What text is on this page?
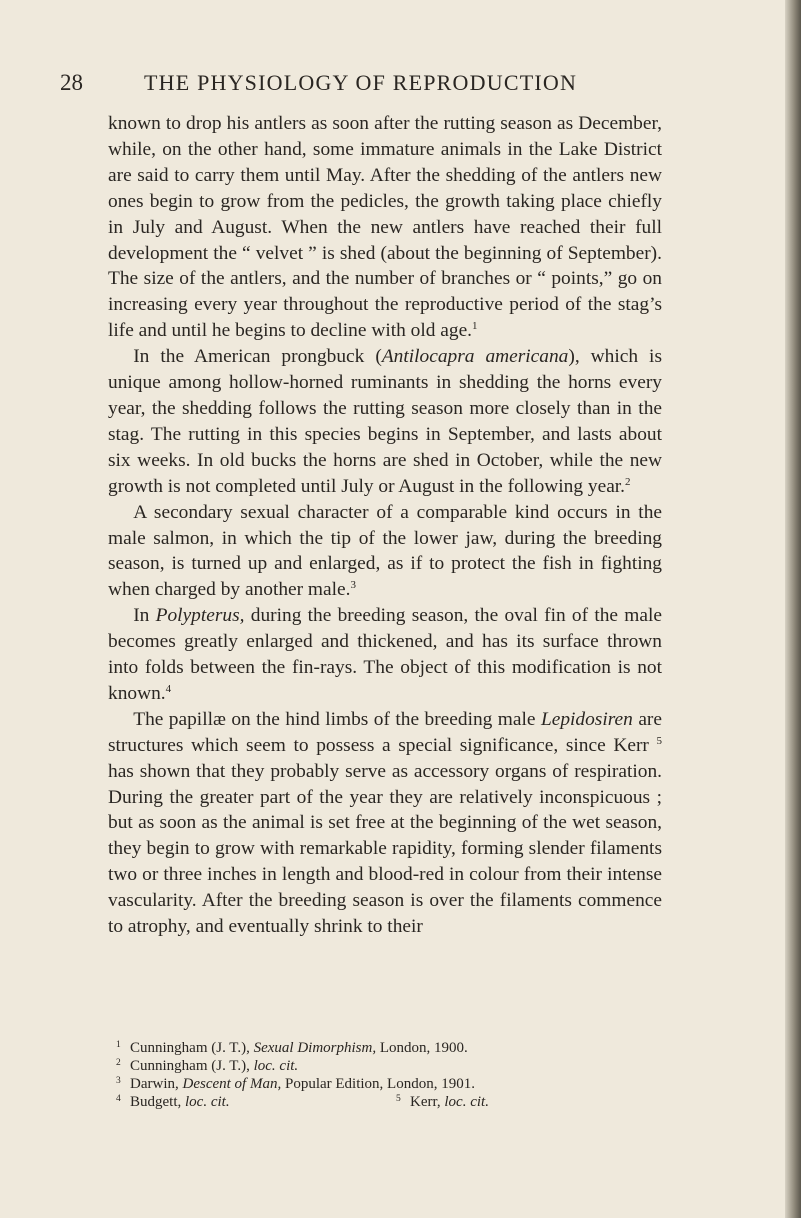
28	THE PHYSIOLOGY OF REPRODUCTION

known to drop his antlers as soon after the rutting season as December, while, on the other hand, some immature animals in the Lake District are said to carry them until May. After the shedding of the antlers new ones begin to grow from the pedicles, the growth taking place chiefly in July and August. When the new antlers have reached their full development the “ velvet ” is shed (about the beginning of September). The size of the antlers, and the number of branches or “ points,” go on increasing every year throughout the reproductive period of the stag’s life and until he begins to decline with old age.$^1$

In the American prongbuck (Antilocapra americana), which is unique among hollow-horned ruminants in shedding the horns every year, the shedding follows the rutting season more closely than in the stag. The rutting in this species begins in September, and lasts about six weeks. In old bucks the horns are shed in October, while the new growth is not completed until July or August in the following year.$^2$

A secondary sexual character of a comparable kind occurs in the male salmon, in which the tip of the lower jaw, during the breeding season, is turned up and enlarged, as if to protect the fish in fighting when charged by another male.$^3$

In Polypterus, during the breeding season, the oval fin of the male becomes greatly enlarged and thickened, and has its surface thrown into folds between the fin-rays. The object of this modification is not known.$^4$

The papillæ on the hind limbs of the breeding male Lepidosiren are structures which seem to possess a special significance, since Kerr $^5$ has shown that they probably serve as accessory organs of respiration. During the greater part of the year they are relatively inconspicuous ; but as soon as the animal is set free at the beginning of the wet season, they begin to grow with remarkable rapidity, forming slender filaments two or three inches in length and blood-red in colour from their intense vascularity. After the breeding season is over the filaments commence to atrophy, and eventually shrink to their

1 Cunningham (J. T.), Sexual Dimorphism, London, 1900.
2 Cunningham (J. T.), loc. cit.
3 Darwin, Descent of Man, Popular Edition, London, 1901.
4 Budgett, loc. cit.	5 Kerr, loc. cit.
